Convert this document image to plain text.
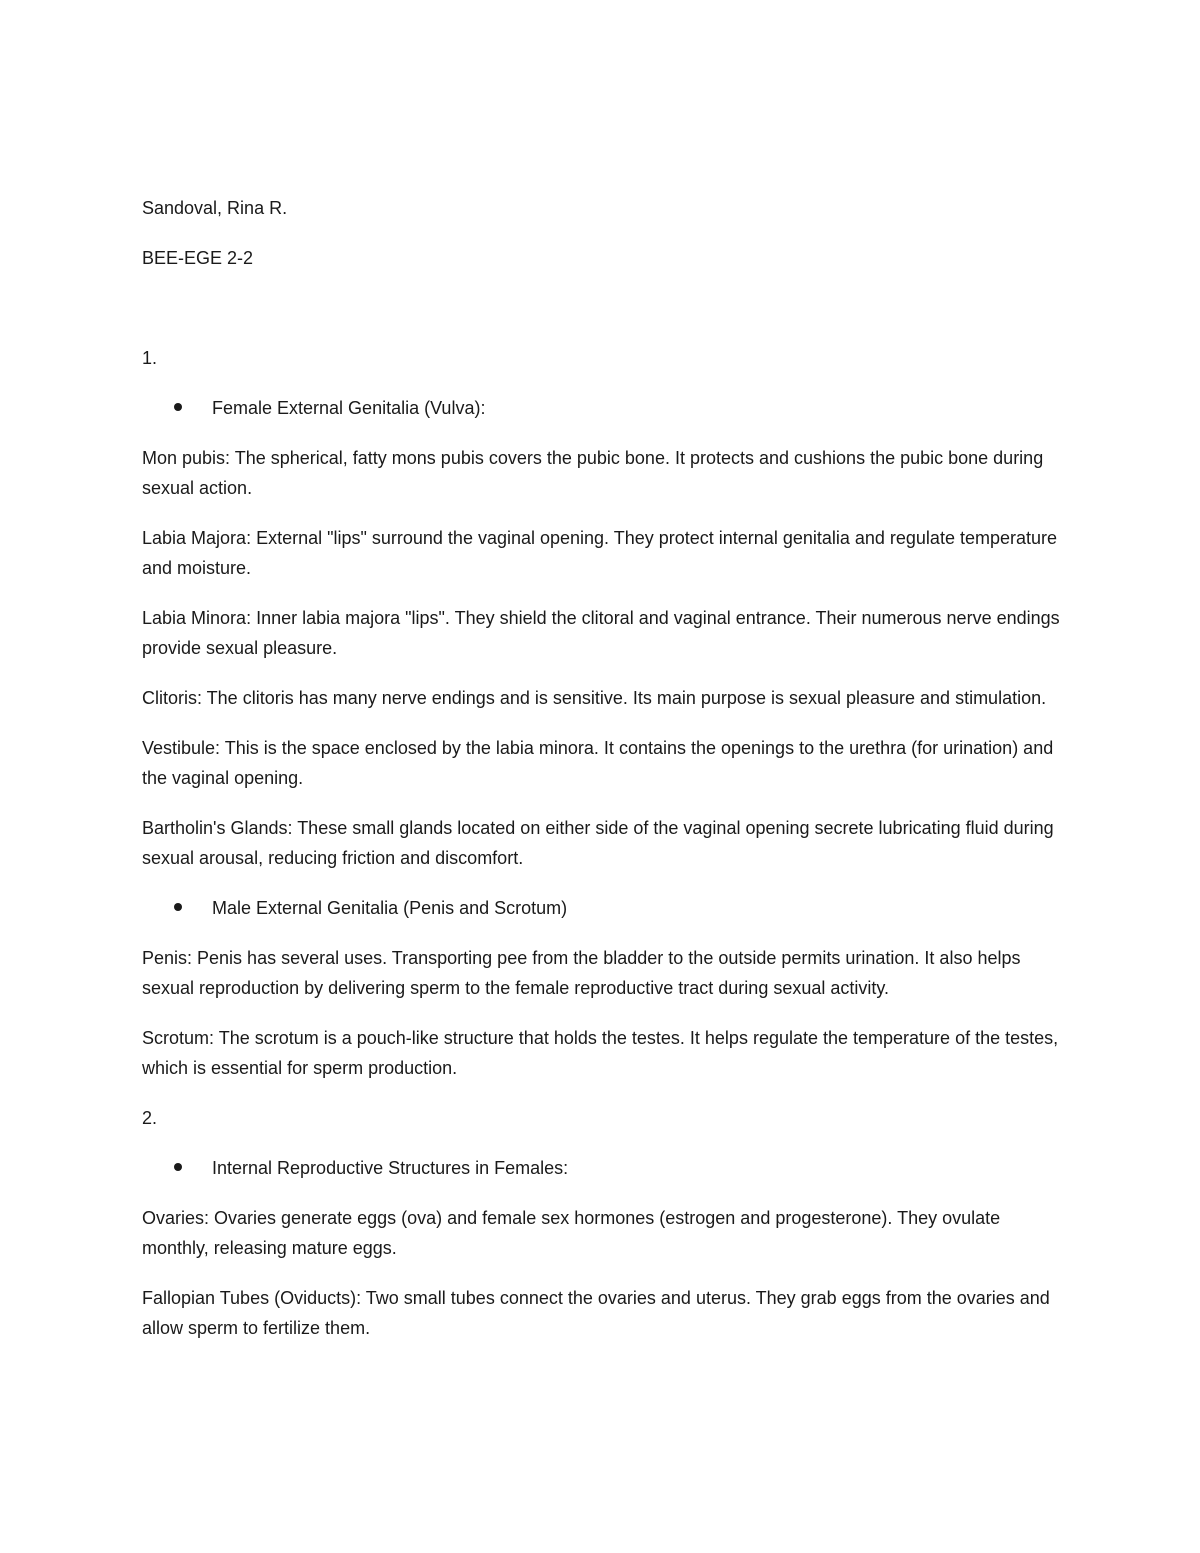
Sandoval, Rina R.

BEE-EGE 2-2

1.

Female External Genitalia (Vulva):

Mon pubis: The spherical, fatty mons pubis covers the pubic bone. It protects and cushions the pubic bone during sexual action.

Labia Majora: External "lips" surround the vaginal opening. They protect internal genitalia and regulate temperature and moisture.

Labia Minora: Inner labia majora "lips". They shield the clitoral and vaginal entrance. Their numerous nerve endings provide sexual pleasure.

Clitoris: The clitoris has many nerve endings and is sensitive. Its main purpose is sexual pleasure and stimulation.

Vestibule: This is the space enclosed by the labia minora. It contains the openings to the urethra (for urination) and the vaginal opening.

Bartholin's Glands: These small glands located on either side of the vaginal opening secrete lubricating fluid during sexual arousal, reducing friction and discomfort.

Male External Genitalia (Penis and Scrotum)

Penis: Penis has several uses. Transporting pee from the bladder to the outside permits urination. It also helps sexual reproduction by delivering sperm to the female reproductive tract during sexual activity.

Scrotum: The scrotum is a pouch-like structure that holds the testes. It helps regulate the temperature of the testes, which is essential for sperm production.

2.

Internal Reproductive Structures in Females:

Ovaries: Ovaries generate eggs (ova) and female sex hormones (estrogen and progesterone). They ovulate monthly, releasing mature eggs.

Fallopian Tubes (Oviducts): Two small tubes connect the ovaries and uterus. They grab eggs from the ovaries and allow sperm to fertilize them.
